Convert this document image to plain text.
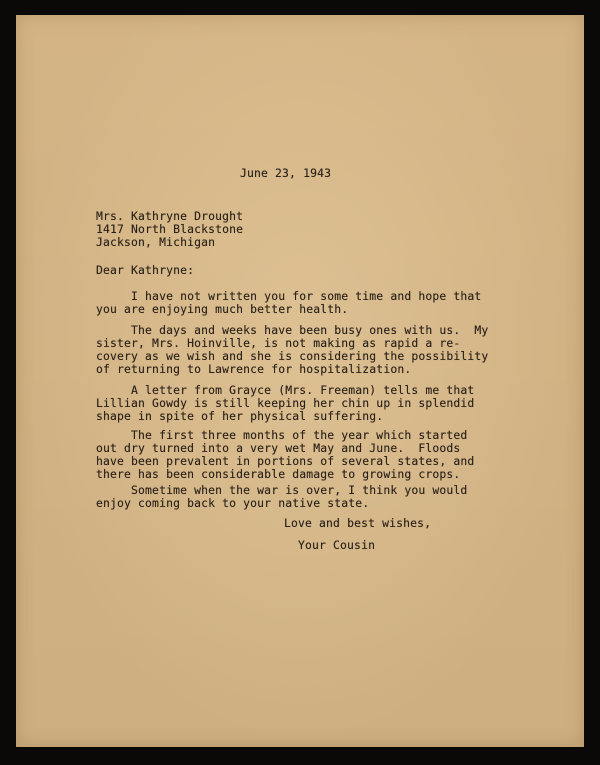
June 23, 1943

Mrs. Kathryne Drought

1417 North Blackstone

Jackson, Michigan

Dear Kathryne:

I have not written you for some time and hope that
you are enjoying much better health.

The days and weeks have been busy ones with us.  My
sister, Mrs. Hoinville, is not making as rapid a re-
covery as we wish and she is considering the possibility
of returning to Lawrence for hospitalization.

A letter from Grayce (Mrs. Freeman) tells me that
Lillian Gowdy is still keeping her chin up in splendid
shape in spite of her physical suffering.

The first three months of the year which started
out dry turned into a very wet May and June.  Floods
have been prevalent in portions of several states, and
there has been considerable damage to growing crops.

Sometime when the war is over, I think you would
enjoy coming back to your native state.

Love and best wishes,

Your Cousin
